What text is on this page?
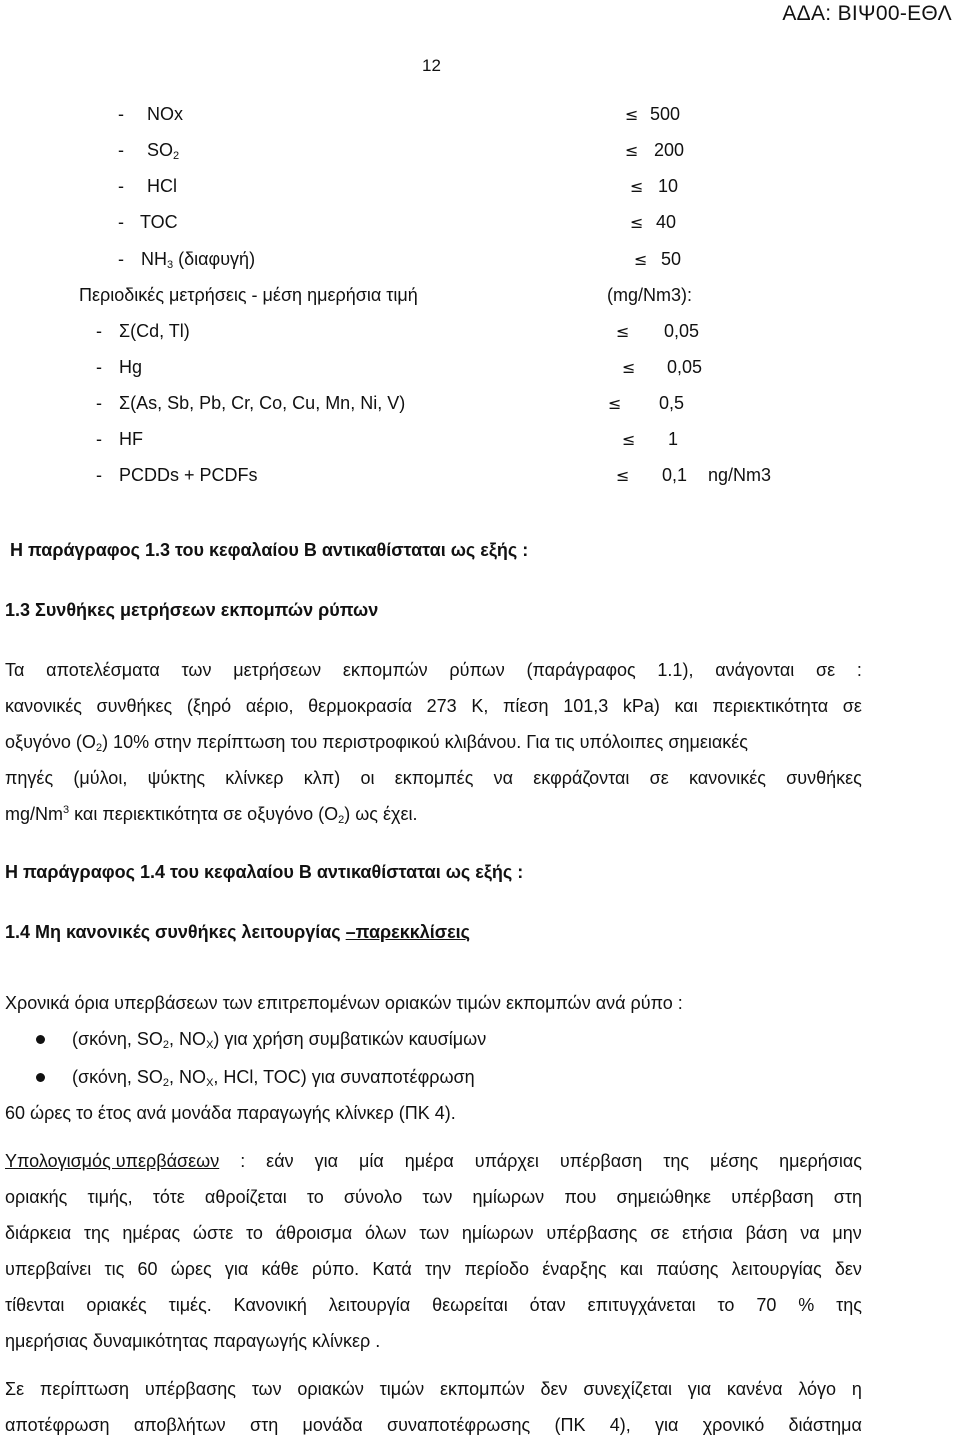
ΑΔΑ: ΒΙΨ00-ΕΘΛ
12
- NOx	≤ 500
- $SO_2$	≤ 200
- HCl	≤ 10
- TOC	≤ 40
- $NH_3$ (διαφυγή)	≤ 50
Περιοδικές μετρήσεις - μέση ημερήσια τιμή	(mg/Nm3):
- Σ(Cd, Tl)	≤ 0,05
- Hg	≤ 0,05
- Σ(As, Sb, Pb, Cr, Co, Cu, Mn, Ni, V)	≤ 0,5
- HF	≤ 1
- PCDDs + PCDFs	≤ 0,1 ng/Nm3
Η παράγραφος 1.3 του κεφαλαίου Β αντικαθίσταται ως εξής :
1.3 Συνθήκες μετρήσεων εκπομπών ρύπων
Τα αποτελέσματα των μετρήσεων εκπομπών ρύπων (παράγραφος 1.1), ανάγονται σε :
κανονικές συνθήκες (ξηρό αέριο, θερμοκρασία 273 K, πίεση 101,3 kPa) και περιεκτικότητα σε
οξυγόνο $(O_2)$ 10% στην περίπτωση του περιστροφικού κλιβάνου. Για τις υπόλοιπες σημειακές
πηγές (μύλοι, ψύκτης κλίνκερ κλπ) οι εκπομπές να εκφράζονται σε κανονικές συνθήκες
mg/Nm$^3$ και περιεκτικότητα σε οξυγόνο $(O_2)$ ως έχει.
Η παράγραφος 1.4 του κεφαλαίου Β αντικαθίσταται ως εξής :
1.4 Μη κανονικές συνθήκες λειτουργίας –παρεκκλίσεις
Χρονικά όρια υπερβάσεων των επιτρεπομένων οριακών τιμών εκπομπών ανά ρύπο :
(σκόνη, $SO_2$, $NO_X$) για χρήση συμβατικών καυσίμων
(σκόνη, $SO_2$, $NO_X$, HCl, TOC) για συναποτέφρωση
60 ώρες το έτος ανά μονάδα παραγωγής κλίνκερ (ΠΚ 4).
Υπολογισμός υπερβάσεων : εάν για μία ημέρα υπάρχει υπέρβαση της μέσης ημερήσιας
οριακής τιμής, τότε αθροίζεται το σύνολο των ημίωρων που σημειώθηκε υπέρβαση στη
διάρκεια της ημέρας ώστε το άθροισμα όλων των ημίωρων υπέρβασης σε ετήσια βάση να μην
υπερβαίνει τις 60 ώρες για κάθε ρύπο. Κατά την περίοδο έναρξης και παύσης λειτουργίας δεν
τίθενται οριακές τιμές. Κανονική λειτουργία θεωρείται όταν επιτυγχάνεται το 70 % της
ημερήσιας δυναμικότητας παραγωγής κλίνκερ .
Σε περίπτωση υπέρβασης των οριακών τιμών εκπομπών δεν συνεχίζεται για κανένα λόγο η
αποτέφρωση αποβλήτων στη μονάδα συναποτέφρωσης (ΠΚ 4), για χρονικό διάστημα
